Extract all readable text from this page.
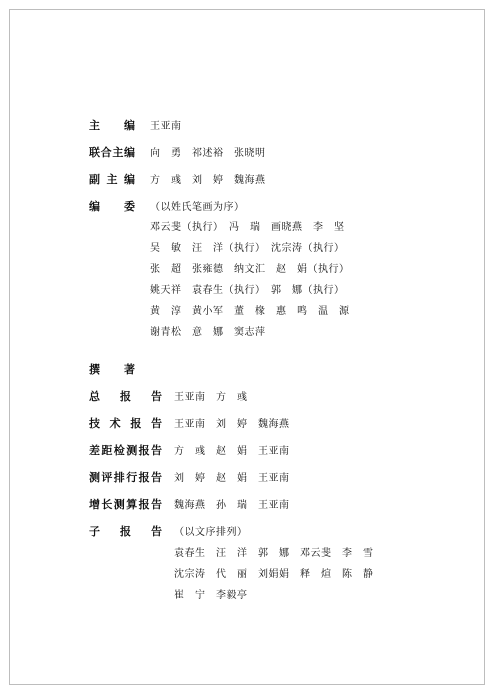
主　编 王亚南
联合主编 向　勇　祁述裕　张晓明
副 主 编 方　彧　刘　婷　魏海燕
编　委 （以姓氏笔画为序）
邓云斐（执行）　冯　瑞　画晓燕　李　坚
吴　敏　汪　洋（执行）　沈宗涛（执行）
张　超　张雍德　纳文汇　赵　娟（执行）
姚天祥　袁春生（执行）　郭　娜（执行）
黄　淳　黄小军　董　椽　惠　鸣　温　源
谢青松　意　娜　窦志萍
撰　　著
总 报 告 王亚南　方　彧
技术报告 王亚南　刘　婷　魏海燕
差距检测报告 方　彧　赵　娟　王亚南
测评排行报告 刘　婷　赵　娟　王亚南
增长测算报告 魏海燕　孙　瑞　王亚南
子 报 告 （以文序排列）
袁春生　汪　洋　郭　娜　邓云斐　李　雪
沈宗涛　代　丽　刘娟娟　释　煊　陈　静
崔　宁　李毅亭
